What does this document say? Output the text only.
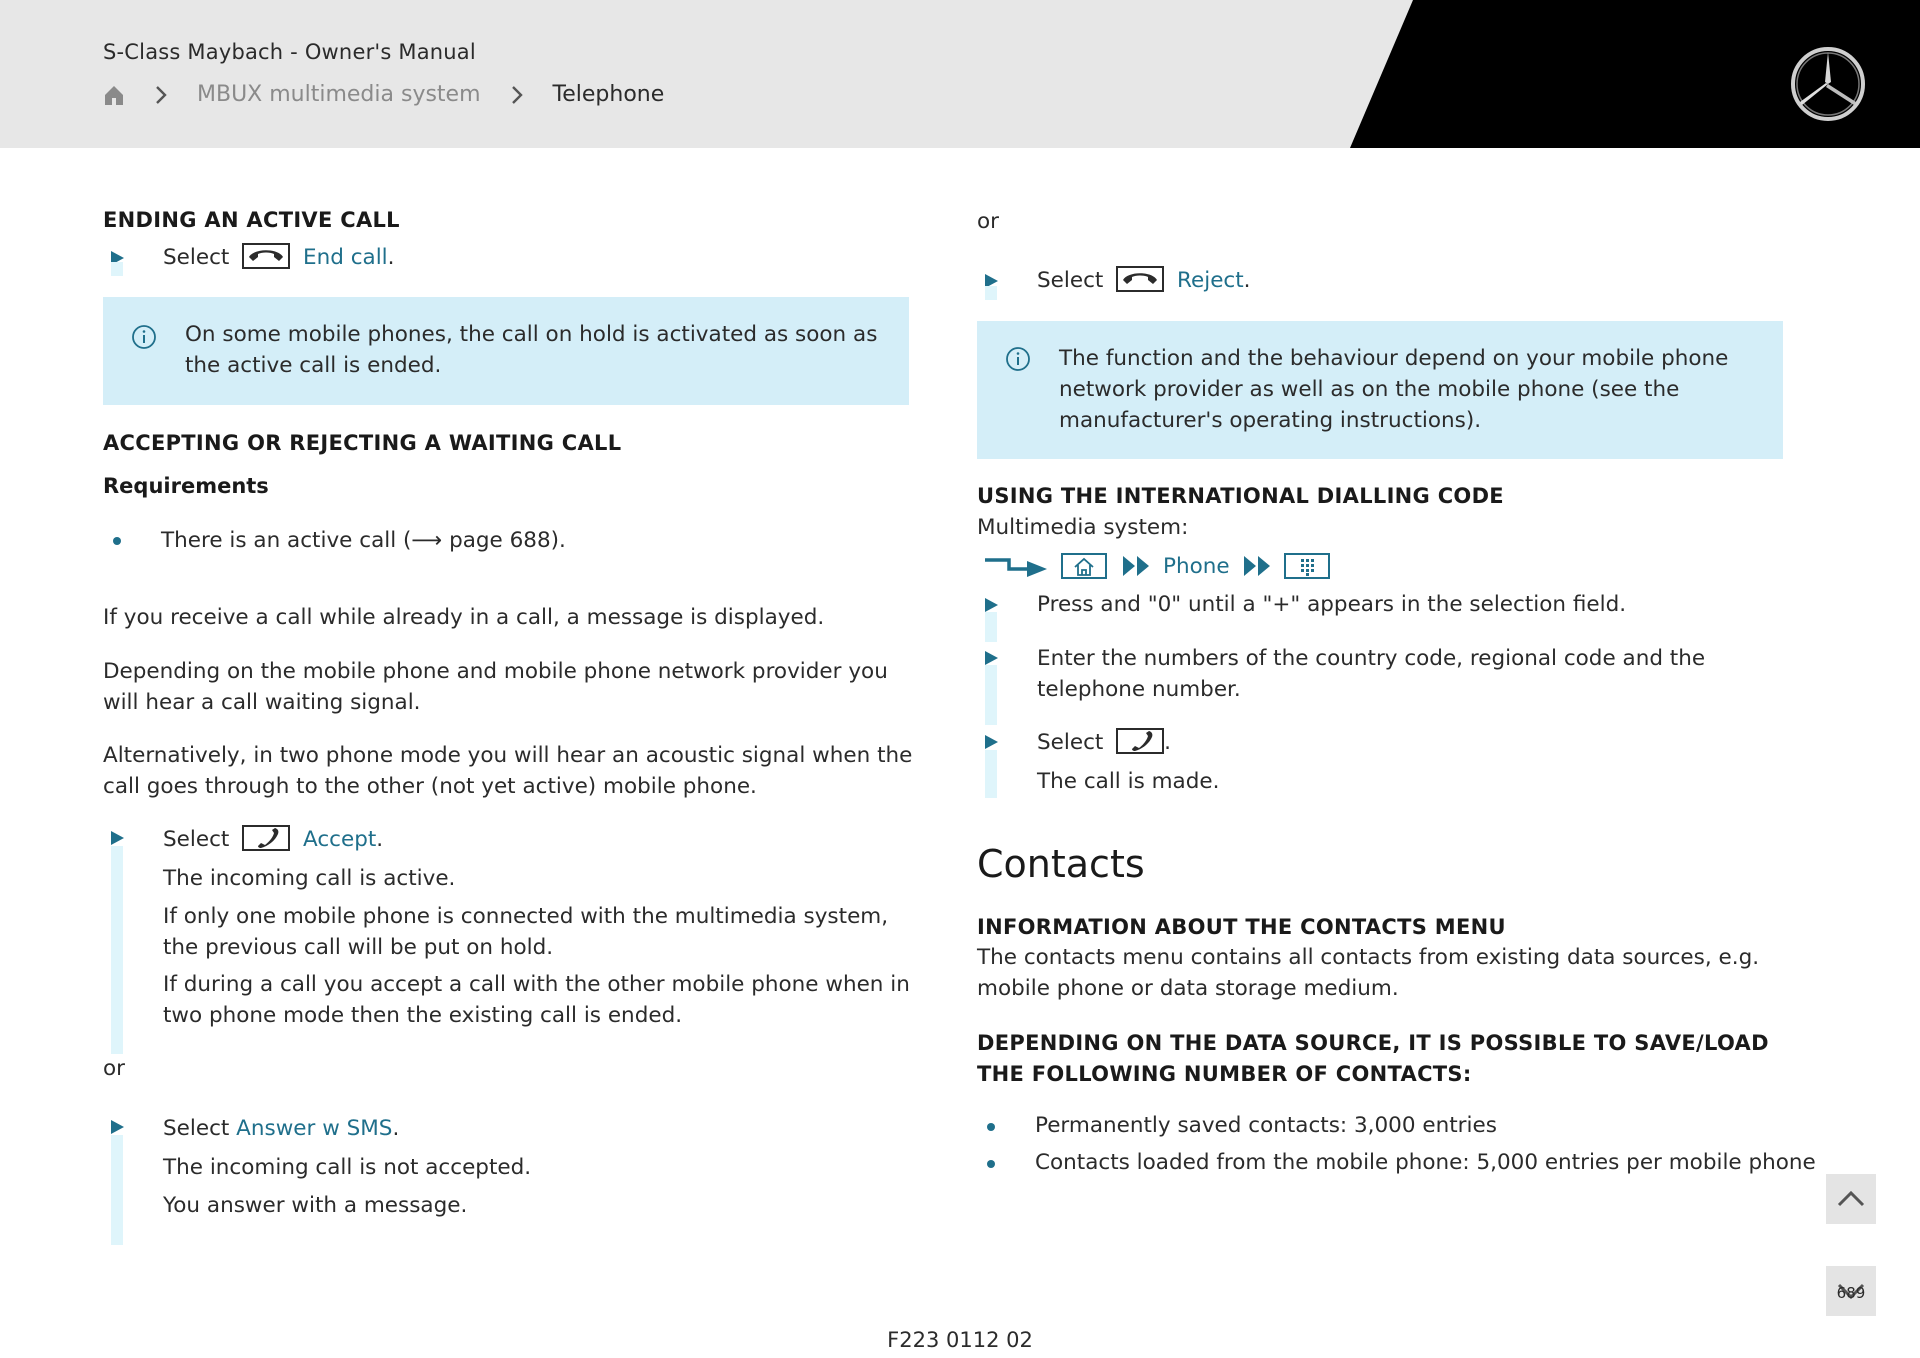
S-Class Maybach - Owner's Manual
MBUX multimedia system	Telephone
ENDING AN ACTIVE CALL
Select	End call.
On some mobile phones, the call on hold is activated as soon as the active call is ended.
ACCEPTING OR REJECTING A WAITING CALL
Requirements
There is an active call (⟶ page 688).
If you receive a call while already in a call, a message is displayed.
Depending on the mobile phone and mobile phone network provider you will hear a call waiting signal.
Alternatively, in two phone mode you will hear an acoustic signal when the call goes through to the other (not yet active) mobile phone.
Select	Accept.
The incoming call is active.
If only one mobile phone is connected with the multimedia system, the previous call will be put on hold.
If during a call you accept a call with the other mobile phone when in two phone mode then the existing call is ended.
or
Select Answer w SMS.
The incoming call is not accepted.
You answer with a message.
or
Select	Reject.
The function and the behaviour depend on your mobile phone network provider as well as on the mobile phone (see the manufacturer's operating instructions).
USING THE INTERNATIONAL DIALLING CODE
Multimedia system:
Phone
Press and "0" until a "+" appears in the selection field.
Enter the numbers of the country code, regional code and the telephone number.
Select	.
The call is made.
Contacts
INFORMATION ABOUT THE CONTACTS MENU
The contacts menu contains all contacts from existing data sources, e.g. mobile phone or data storage medium.
DEPENDING ON THE DATA SOURCE, IT IS POSSIBLE TO SAVE/LOAD THE FOLLOWING NUMBER OF CONTACTS:
Permanently saved contacts: 3,000 entries
Contacts loaded from the mobile phone: 5,000 entries per mobile phone
689
F223 0112 02
